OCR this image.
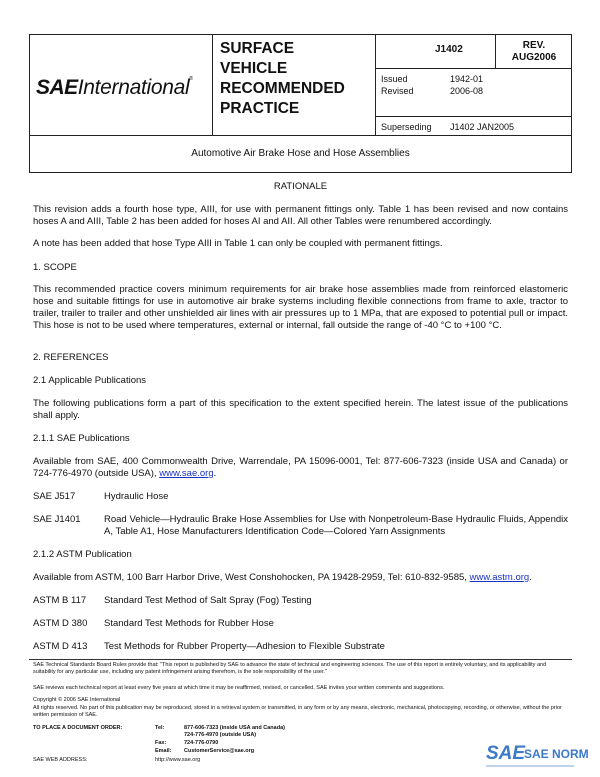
SAEInternational®
SURFACE
VEHICLE
RECOMMENDED
PRACTICE
J1402	REV.
AUG2006
Issued	1942-01
Revised	2006-08
Superseding J1402 JAN2005
Automotive Air Brake Hose and Hose Assemblies
RATIONALE
This revision adds a fourth hose type, AIII, for use with permanent fittings only. Table 1 has been revised and now contains hoses A and AIII, Table 2 has been added for hoses AI and AII. All other Tables were renumbered accordingly.
A note has been added that hose Type AIII in Table 1 can only be coupled with permanent fittings.
1. SCOPE
This recommended practice covers minimum requirements for air brake hose assemblies made from reinforced elastomeric hose and suitable fittings for use in automotive air brake systems including flexible connections from frame to axle, tractor to trailer, trailer to trailer and other unshielded air lines with air pressures up to 1 MPa, that are exposed to potential pull or impact. This hose is not to be used where temperatures, external or internal, fall outside the range of -40 °C to +100 °C.
2. REFERENCES
2.1 Applicable Publications
The following publications form a part of this specification to the extent specified herein. The latest issue of the publications shall apply.
2.1.1 SAE Publications
Available from SAE, 400 Commonwealth Drive, Warrendale, PA 15096-0001, Tel: 877-606-7323 (inside USA and Canada) or 724-776-4970 (outside USA), www.sae.org.
SAE J517	Hydraulic Hose
SAE J1401 Road Vehicle—Hydraulic Brake Hose Assemblies for Use with Nonpetroleum-Base Hydraulic Fluids, Appendix A, Table A1, Hose Manufacturers Identification Code—Colored Yarn Assignments
2.1.2 ASTM Publication
Available from ASTM, 100 Barr Harbor Drive, West Conshohocken, PA 19428-2959, Tel: 610-832-9585, www.astm.org.
ASTM B 117 Standard Test Method of Salt Spray (Fog) Testing
ASTM D 380 Standard Test Methods for Rubber Hose
ASTM D 413 Test Methods for Rubber Property—Adhesion to Flexible Substrate
SAE Technical Standards Board Rules provide that: "This report is published by SAE to advance the state of technical and engineering sciences. The use of this report is entirely voluntary, and its applicability and suitability for any particular use, including any patent infringement arising therefrom, is the sole responsibility of the user."
SAE reviews each technical report at least every five years at which time it may be reaffirmed, revised, or cancelled. SAE invites your written comments and suggestions.
Copyright © 2006 SAE International
All rights reserved. No part of this publication may be reproduced, stored in a retrieval system or transmitted, in any form or by any means, electronic, mechanical, photocopying, recording, or otherwise, without the prior written permission of SAE.
TO PLACE A DOCUMENT ORDER:	Tel:	877-606-7323 (inside USA and Canada)
724-776-4970 (outside USA)
Fax:	724-776-0790
Email: CustomerService@sae.org
SAE WEB ADDRESS:	http://www.sae.org	SAE
SAE NORM
